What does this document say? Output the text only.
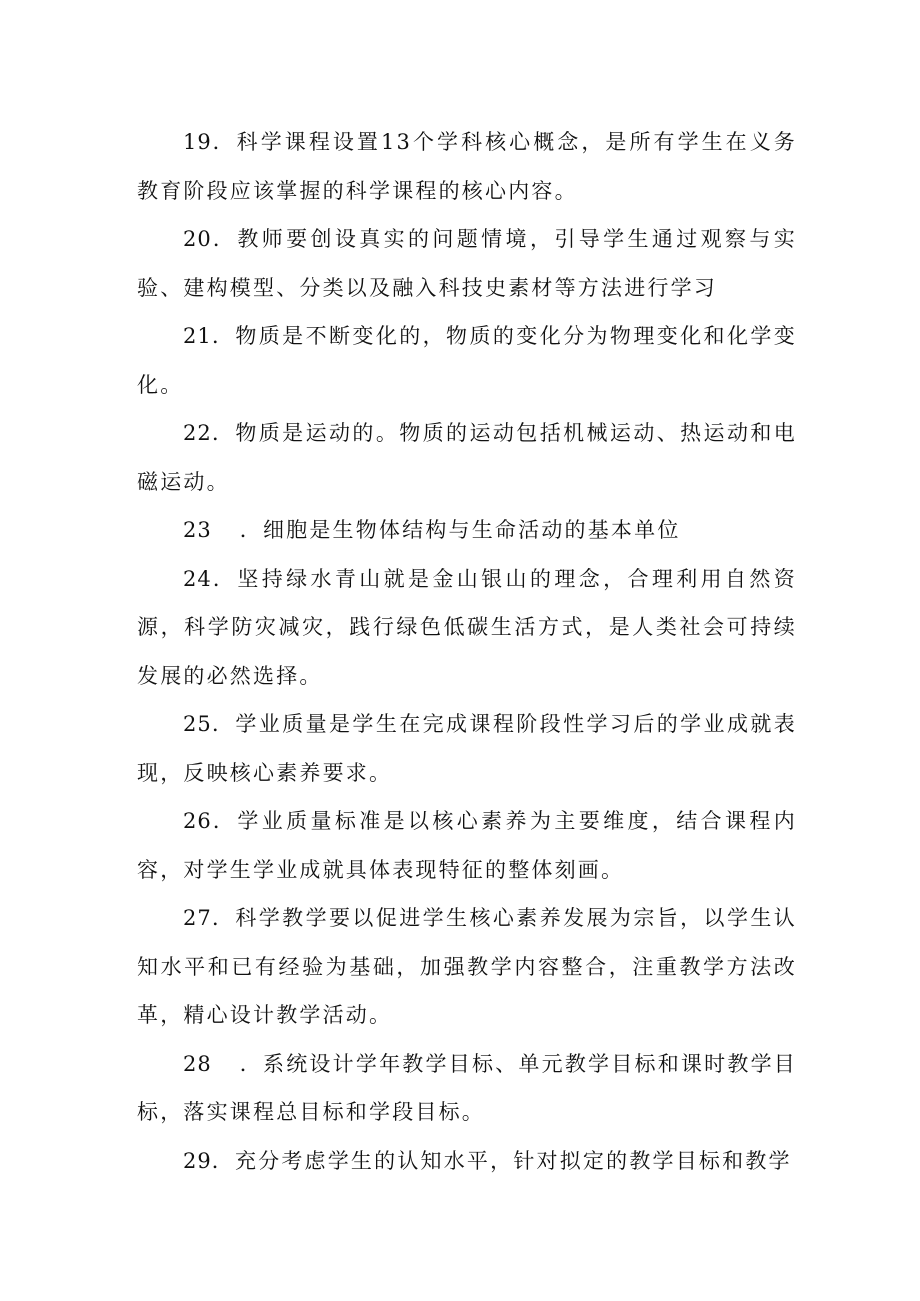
19．科学课程设置13个学科核心概念，是所有学生在义务教育阶段应该掌握的科学课程的核心内容。

20．教师要创设真实的问题情境，引导学生通过观察与实验、建构模型、分类以及融入科技史素材等方法进行学习

21．物质是不断变化的，物质的变化分为物理变化和化学变化。

22．物质是运动的。物质的运动包括机械运动、热运动和电磁运动。

23 ．细胞是生物体结构与生命活动的基本单位

24．坚持绿水青山就是金山银山的理念，合理利用自然资源，科学防灾减灾，践行绿色低碳生活方式，是人类社会可持续发展的必然选择。

25．学业质量是学生在完成课程阶段性学习后的学业成就表现，反映核心素养要求。

26．学业质量标准是以核心素养为主要维度，结合课程内容，对学生学业成就具体表现特征的整体刻画。

27．科学教学要以促进学生核心素养发展为宗旨，以学生认知水平和已有经验为基础，加强教学内容整合，注重教学方法改革，精心设计教学活动。

28 ．系统设计学年教学目标、单元教学目标和课时教学目标，落实课程总目标和学段目标。

29．充分考虑学生的认知水平，针对拟定的教学目标和教学
